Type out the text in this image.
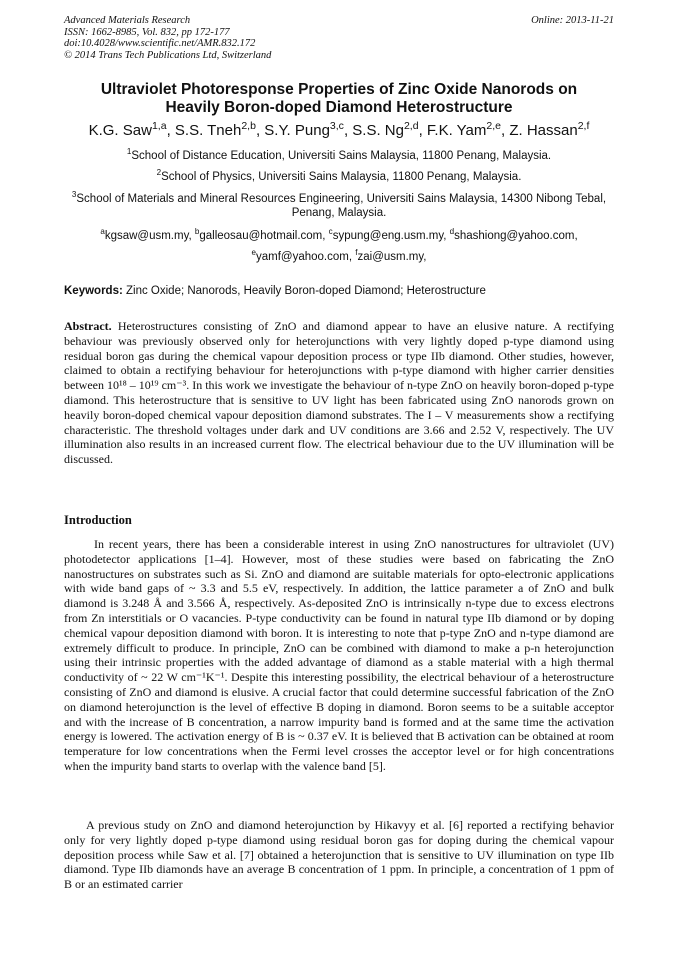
Advanced Materials Research
ISSN: 1662-8985, Vol. 832, pp 172-177
doi:10.4028/www.scientific.net/AMR.832.172
© 2014 Trans Tech Publications Ltd, Switzerland
Online: 2013-11-21
Ultraviolet Photoresponse Properties of Zinc Oxide Nanorods on
Heavily Boron-doped Diamond Heterostructure
K.G. Saw$^{1,a}$, S.S. Tneh$^{2,b}$, S.Y. Pung$^{3,c}$, S.S. Ng$^{2,d}$, F.K. Yam$^{2,e}$, Z. Hassan$^{2,f}$
$^1$School of Distance Education, Universiti Sains Malaysia, 11800 Penang, Malaysia.
$^2$School of Physics, Universiti Sains Malaysia, 11800 Penang, Malaysia.
$^3$School of Materials and Mineral Resources Engineering, Universiti Sains Malaysia, 14300 Nibong Tebal, Penang, Malaysia.
$^a$kgsaw@usm.my, $^b$galleosau@hotmail.com, $^c$sypung@eng.usm.my, $^d$shashiong@yahoo.com,
$^e$yamf@yahoo.com, $^f$zai@usm.my,
Keywords: Zinc Oxide; Nanorods, Heavily Boron-doped Diamond; Heterostructure
Abstract. Heterostructures consisting of ZnO and diamond appear to have an elusive nature. A rectifying behaviour was previously observed only for heterojunctions with very lightly doped p-type diamond using residual boron gas during the chemical vapour deposition process or type IIb diamond. Other studies, however, claimed to obtain a rectifying behaviour for heterojunctions with p-type diamond with higher carrier densities between 10¹⁸ – 10¹⁹ cm⁻³. In this work we investigate the behaviour of n-type ZnO on heavily boron-doped p-type diamond. This heterostructure that is sensitive to UV light has been fabricated using ZnO nanorods grown on heavily boron-doped chemical vapour deposition diamond substrates. The I – V measurements show a rectifying characteristic. The threshold voltages under dark and UV conditions are 3.66 and 2.52 V, respectively. The UV illumination also results in an increased current flow. The electrical behaviour due to the UV illumination will be discussed.
Introduction
In recent years, there has been a considerable interest in using ZnO nanostructures for ultraviolet (UV) photodetector applications [1–4]. However, most of these studies were based on fabricating the ZnO nanostructures on substrates such as Si. ZnO and diamond are suitable materials for opto-electronic applications with wide band gaps of ~ 3.3 and 5.5 eV, respectively. In addition, the lattice parameter a of ZnO and bulk diamond is 3.248 Å and 3.566 Å, respectively. As-deposited ZnO is intrinsically n-type due to excess electrons from Zn interstitials or O vacancies. P-type conductivity can be found in natural type IIb diamond or by doping chemical vapour deposition diamond with boron. It is interesting to note that p-type ZnO and n-type diamond are extremely difficult to produce. In principle, ZnO can be combined with diamond to make a p-n heterojunction using their intrinsic properties with the added advantage of diamond as a stable material with a high thermal conductivity of ~ 22 W cm⁻¹K⁻¹. Despite this interesting possibility, the electrical behaviour of a heterostructure consisting of ZnO and diamond is elusive. A crucial factor that could determine successful fabrication of the ZnO on diamond heterojunction is the level of effective B doping in diamond. Boron seems to be a suitable acceptor and with the increase of B concentration, a narrow impurity band is formed and at the same time the activation energy is lowered. The activation energy of B is ~ 0.37 eV. It is believed that B activation can be obtained at room temperature for low concentrations when the Fermi level crosses the acceptor level or for high concentrations when the impurity band starts to overlap with the valence band [5].
A previous study on ZnO and diamond heterojunction by Hikavyy et al. [6] reported a rectifying behavior only for very lightly doped p-type diamond using residual boron gas for doping during the chemical vapour deposition process while Saw et al. [7] obtained a heterojunction that is sensitive to UV illumination on type IIb diamond. Type IIb diamonds have an average B concentration of 1 ppm. In principle, a concentration of 1 ppm of B or an estimated carrier
